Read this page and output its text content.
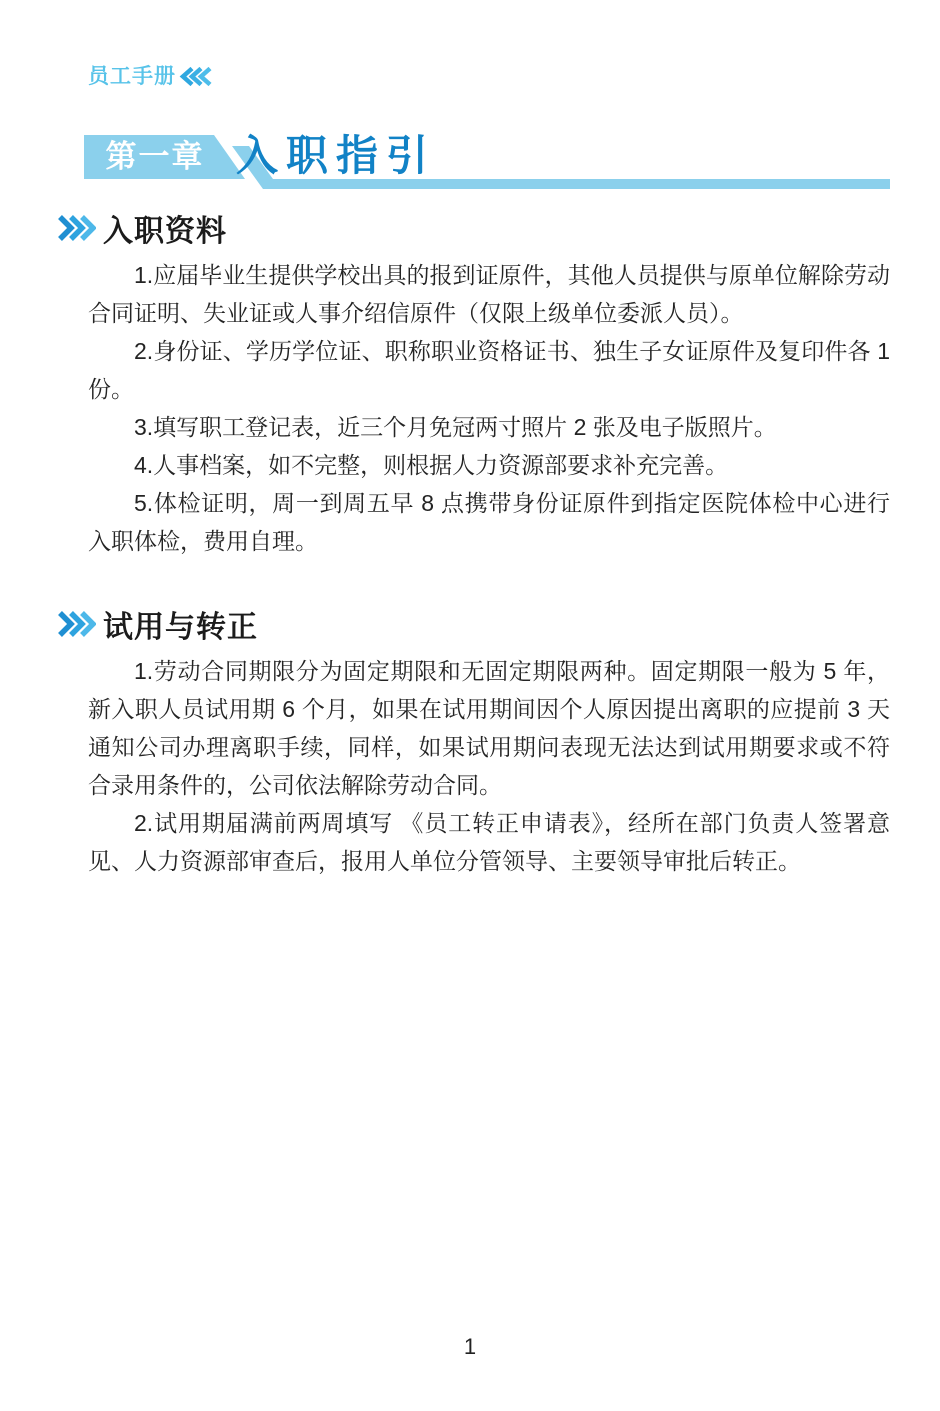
员工手册
第一章 入职指引
入职资料

1.应届毕业生提供学校出具的报到证原件，其他人员提供与原单位解除劳动合同证明、失业证或人事介绍信原件（仅限上级单位委派人员）。

2.身份证、学历学位证、职称职业资格证书、独生子女证原件及复印件各 1 份。

3.填写职工登记表，近三个月免冠两寸照片 2 张及电子版照片。

4.人事档案，如不完整，则根据人力资源部要求补充完善。

5.体检证明，周一到周五早 8 点携带身份证原件到指定医院体检中心进行入职体检，费用自理。

试用与转正

1.劳动合同期限分为固定期限和无固定期限两种。固定期限一般为 5 年，新入职人员试用期 6 个月，如果在试用期间因个人原因提出离职的应提前 3 天通知公司办理离职手续，同样，如果试用期问表现无法达到试用期要求或不符合录用条件的，公司依法解除劳动合同。

2.试用期届满前两周填写 《员工转正申请表》，经所在部门负责人签署意见、人力资源部审查后，报用人单位分管领导、主要领导审批后转正。

1
